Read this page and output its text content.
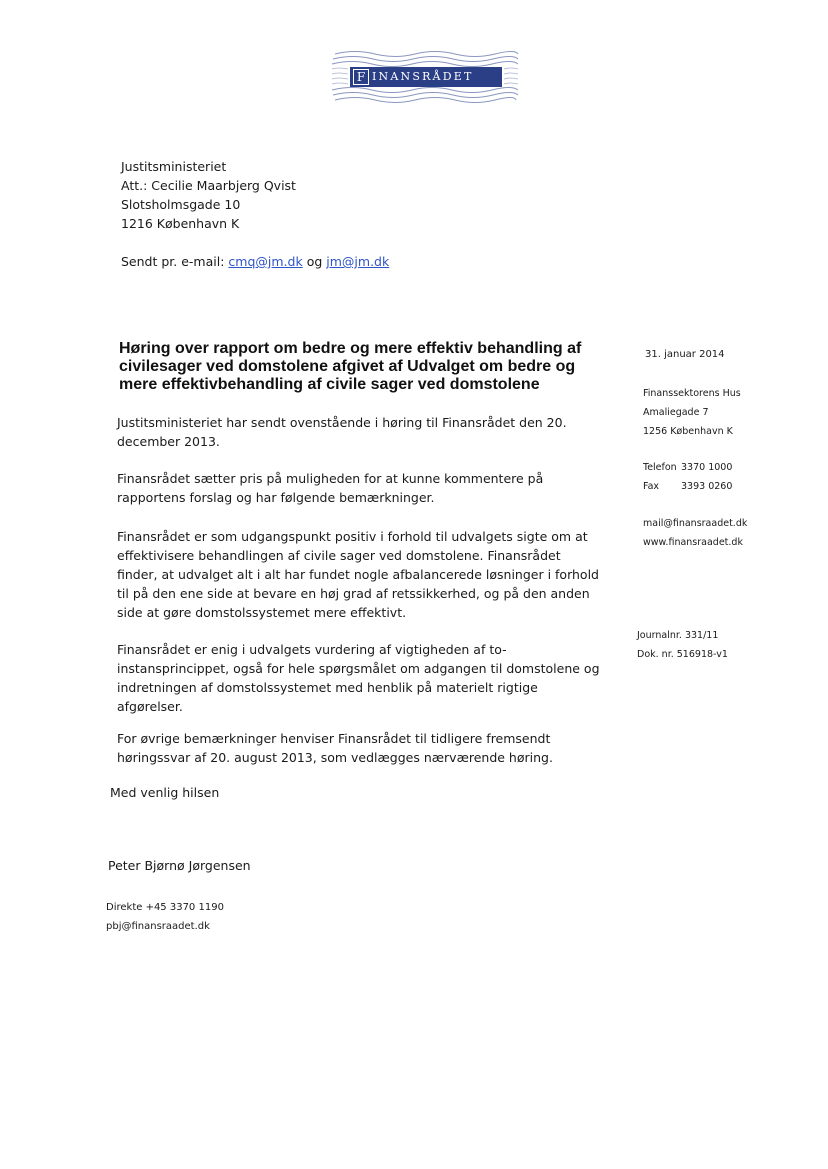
F INANSRÅDET
Justitsministeriet
Att.: Cecilie Maarbjerg Qvist
Slotsholmsgade 10
1216 København K
Sendt pr. e-mail: cmq@jm.dk og jm@jm.dk
Høring over rapport om bedre og mere effektiv behandling af civilesager ved domstolene afgivet af Udvalget om bedre og mere effektivbehandling af civile sager ved domstolene
Justitsministeriet har sendt ovenstående i høring til Finansrådet den 20. december 2013.
Finansrådet sætter pris på muligheden for at kunne kommentere på rapportens forslag og har følgende bemærkninger.
Finansrådet er som udgangspunkt positiv i forhold til udvalgets sigte om at effektivisere behandlingen af civile sager ved domstolene. Finansrådet finder, at udvalget alt i alt har fundet nogle afbalancerede løsninger i forhold til på den ene side at bevare en høj grad af retssikkerhed, og på den anden side at gøre domstolssystemet mere effektivt.
Finansrådet er enig i udvalgets vurdering af vigtigheden af to-instansprincippet, også for hele spørgsmålet om adgangen til domstolene og indretningen af domstolssystemet med henblik på materielt rigtige afgørelser.
For øvrige bemærkninger henviser Finansrådet til tidligere fremsendt høringssvar af 20. august 2013, som vedlægges nærværende høring.
Med venlig hilsen
Peter Bjørnø Jørgensen
Direkte +45 3370 1190
pbj@finansraadet.dk
31. januar 2014
Finanssektorens Hus
Amaliegade 7
1256 København K
Telefon 3370 1000
Fax 3393 0260
mail@finansraadet.dk
www.finansraadet.dk
Journalnr. 331/11
Dok. nr. 516918-v1
